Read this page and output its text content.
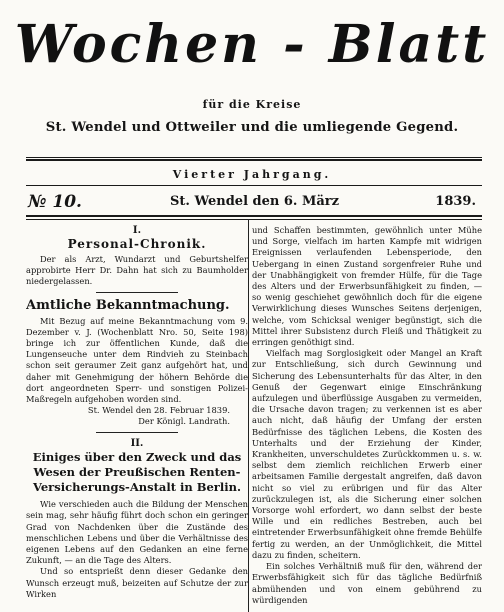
Wochen - Blatt
für die Kreise
St. Wendel und Ottweiler und die umliegende Gegend.
Vierter Jahrgang.
№ 10.	St. Wendel den 6. März	1839.
I.
Personal-Chronik.

Der als Arzt, Wundarzt und Geburtshelfer approbirte Herr Dr. Dahn hat sich zu Baumholder niedergelassen.

Amtliche Bekanntmachung.

Mit Bezug auf meine Bekanntmachung vom 9. Dezember v. J. (Wochenblatt Nro. 50, Seite 198) bringe ich zur öffentlichen Kunde, daß die Lungenseuche unter dem Rindvieh zu Steinbach schon seit geraumer Zeit ganz aufgehört hat, und daher mit Genehmigung der höhern Behörde die dort angeordneten Sperr- und sonstigen Polizei-Maßregeln aufgehoben worden sind.

St. Wendel den 28. Februar 1839.

Der Königl. Landrath.

II.
Einiges über den Zweck und das Wesen der Preußischen Renten-Versicherungs-Anstalt in Berlin.

Wie verschieden auch die Bildung der Menschen sein mag, sehr häufig führt doch schon ein geringer Grad von Nachdenken über die Zustände des menschlichen Lebens und über die Verhältnisse des eigenen Lebens auf den Gedanken an eine ferne Zukunft, — an die Tage des Alters.

Und so entsprießt denn dieser Gedanke den Wunsch erzeugt muß, beizeiten auf Schutze der zur Wirken

und Schaffen bestimmten, gewöhnlich unter Mühe und Sorge, vielfach im harten Kampfe mit widrigen Ereignissen verlaufenden Lebensperiode, den Uebergang in einen Zustand sorgenfreier Ruhe und der Unabhängigkeit von fremder Hülfe, für die Tage des Alters und der Erwerbsunfähigkeit zu finden, — so wenig geschiehet gewöhnlich doch für die eigene Verwirklichung dieses Wunsches Seitens derjenigen, welche, vom Schicksal weniger begünstigt, sich die Mittel ihrer Subsistenz durch Fleiß und Thätigkeit zu erringen genöthigt sind.

Vielfach mag Sorglosigkeit oder Mangel an Kraft zur Entschließung, sich durch Gewinnung und Sicherung des Lebensunterhalts für das Alter, in den Genuß der Gegenwart einige Einschränkung aufzulegen und überflüssige Ausgaben zu vermeiden, die Ursache davon tragen; zu verkennen ist es aber auch nicht, daß häufig der Umfang der ersten Bedürfnisse des täglichen Lebens, die Kosten des Unterhalts und der Erziehung der Kinder, Krankheiten, unverschuldetes Zurückkommen u. s. w. selbst dem ziemlich reichlichen Erwerb einer arbeitsamen Familie dergestalt angreifen, daß davon nicht so viel zu erübrigen und für das Alter zurückzulegen ist, als die Sicherung einer solchen Vorsorge wohl erfordert, wo dann selbst der beste Wille und ein redliches Bestreben, auch bei eintretender Erwerbsunfähigkeit ohne fremde Behülfe fertig zu werden, an der Unmöglichkeit, die Mittel dazu zu finden, scheitern.

Ein solches Verhältniß muß für den, während der Erwerbsfähigkeit sich für das tägliche Bedürfniß abmühenden und von einem gebührend zu würdigenden
